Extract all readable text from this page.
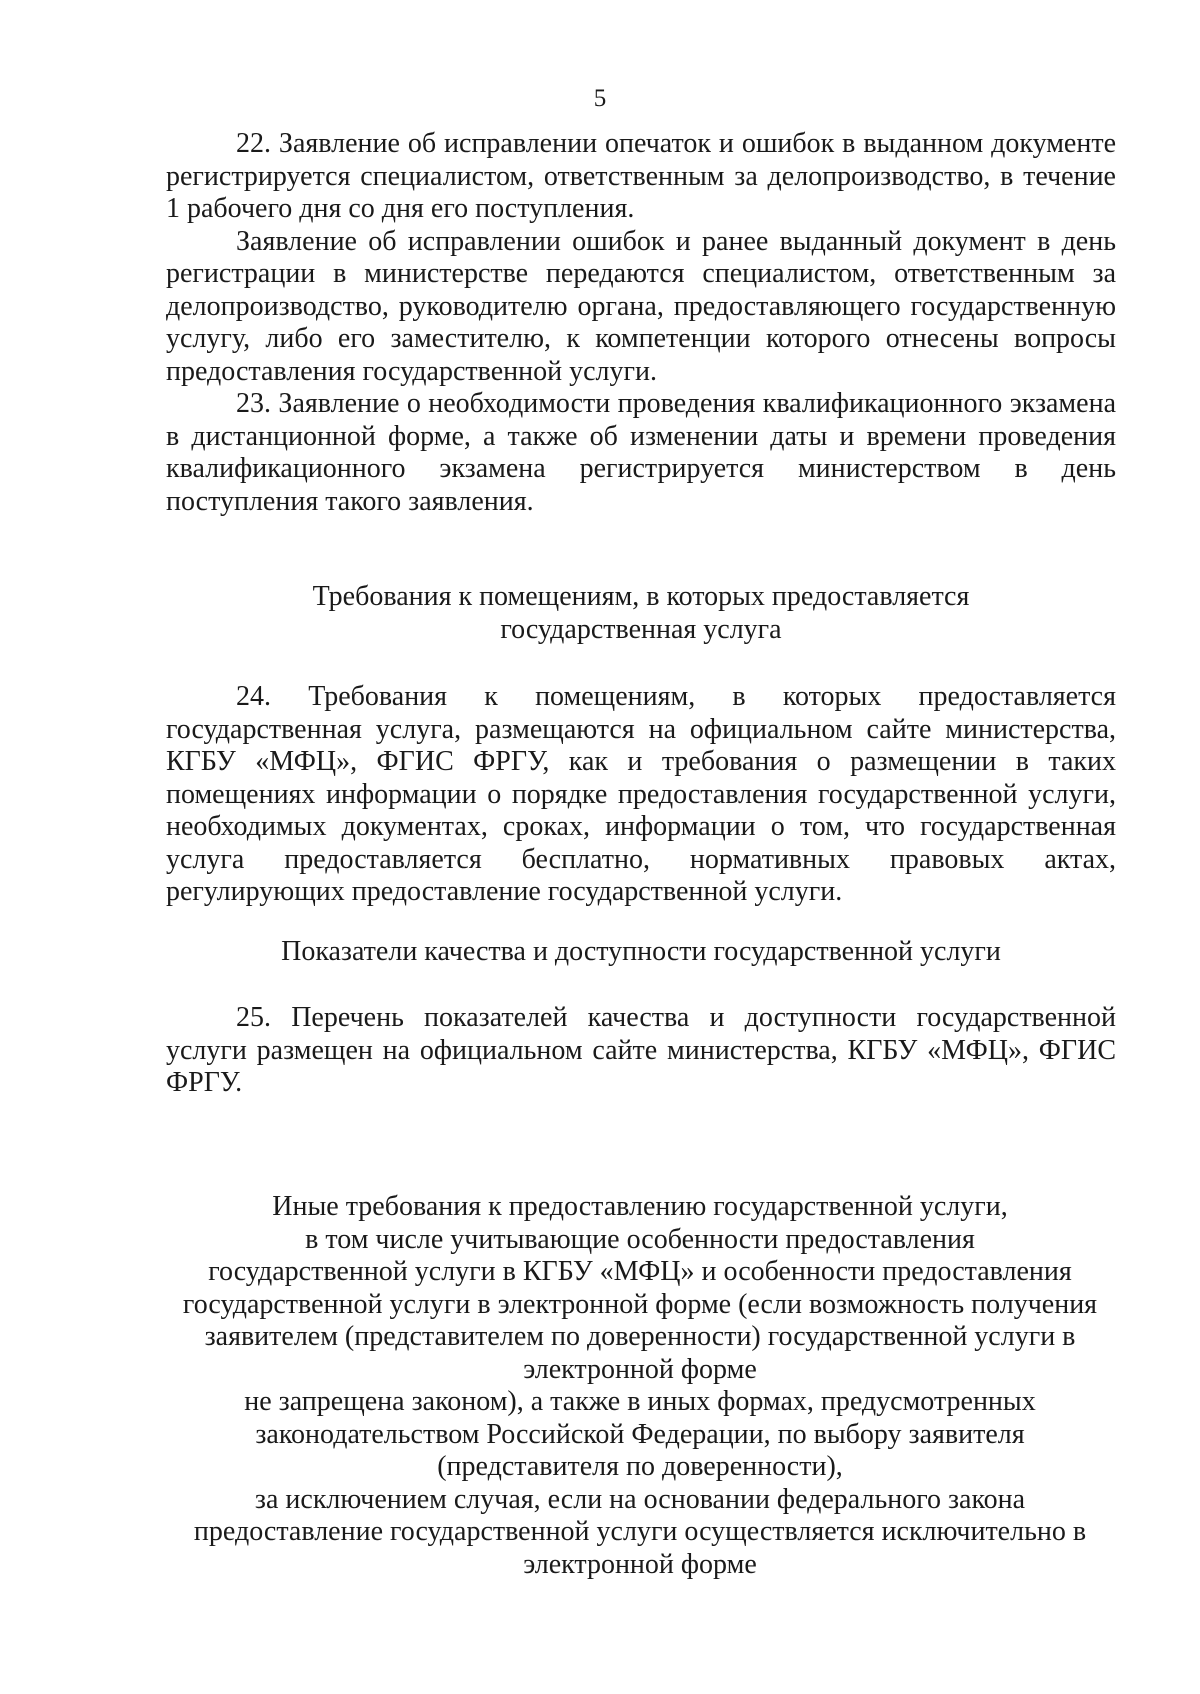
5

22. Заявление об исправлении опечаток и ошибок в выданном документе регистрируется специалистом, ответственным за делопроизводство, в течение 1 рабочего дня со дня его поступления.

Заявление об исправлении ошибок и ранее выданный документ в день регистрации в министерстве передаются специалистом, ответственным за делопроизводство, руководителю органа, предоставляющего государственную услугу, либо его заместителю, к компетенции которого отнесены вопросы предоставления государственной услуги.

23. Заявление о необходимости проведения квалификационного экзамена в дистанционной форме, а также об изменении даты и времени проведения квалификационного экзамена регистрируется министерством в день поступления такого заявления.

Требования к помещениям, в которых предоставляется
государственная услуга

24. Требования к помещениям, в которых предоставляется государственная услуга, размещаются на официальном сайте министерства, КГБУ «МФЦ», ФГИС ФРГУ, как и требования о размещении в таких помещениях информации о порядке предоставления государственной услуги, необходимых документах, сроках, информации о том, что государственная услуга предоставляется бесплатно, нормативных правовых актах, регулирующих предоставление государственной услуги.

Показатели качества и доступности государственной услуги

25. Перечень показателей качества и доступности государственной услуги размещен на официальном сайте министерства, КГБУ «МФЦ», ФГИС ФРГУ.

Иные требования к предоставлению государственной услуги,
в том числе учитывающие особенности предоставления
государственной услуги в КГБУ «МФЦ» и особенности предоставления
государственной услуги в электронной форме (если возможность получения
заявителем (представителем по доверенности) государственной услуги в
электронной форме
не запрещена законом), а также в иных формах, предусмотренных
законодательством Российской Федерации, по выбору заявителя
(представителя по доверенности),
за исключением случая, если на основании федерального закона
предоставление государственной услуги осуществляется исключительно в
электронной форме
